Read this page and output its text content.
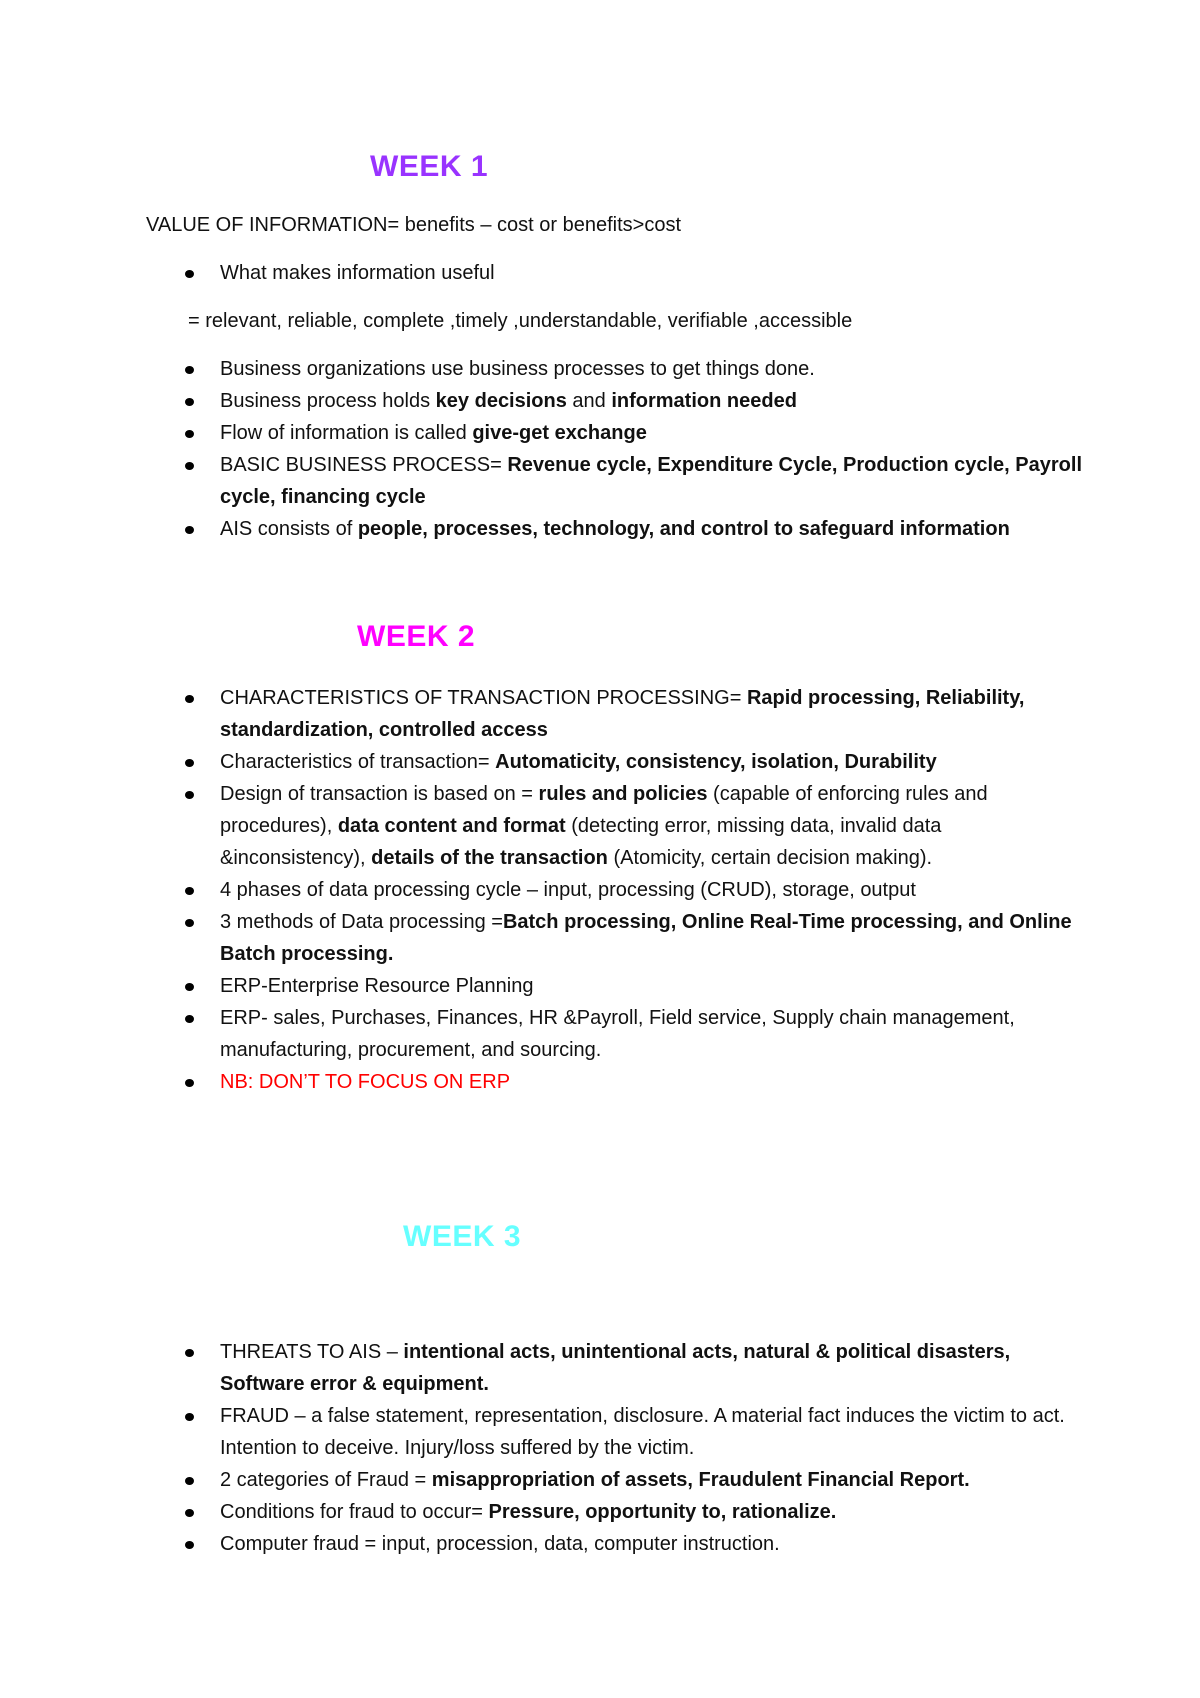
WEEK 1
VALUE OF INFORMATION= benefits – cost or benefits>cost
What makes information useful
= relevant, reliable, complete ,timely ,understandable, verifiable ,accessible
Business organizations use business processes to get things done.
Business process holds key decisions and information needed
Flow of information is called give-get exchange
BASIC BUSINESS PROCESS= Revenue cycle, Expenditure Cycle, Production cycle, Payroll cycle, financing cycle
AIS consists of people, processes, technology, and control to safeguard information
WEEK 2
CHARACTERISTICS OF TRANSACTION PROCESSING= Rapid processing, Reliability, standardization, controlled access
Characteristics of transaction= Automaticity, consistency, isolation, Durability
Design of transaction is based on = rules and policies (capable of enforcing rules and procedures), data content and format (detecting error, missing data, invalid data &inconsistency), details of the transaction (Atomicity, certain decision making).
4 phases of data processing cycle – input, processing (CRUD), storage, output
3 methods of Data processing =Batch processing, Online Real-Time processing, and Online Batch processing.
ERP-Enterprise Resource Planning
ERP- sales, Purchases, Finances, HR &Payroll, Field service, Supply chain management, manufacturing, procurement, and sourcing.
NB: DON’T TO FOCUS ON ERP
WEEK 3
THREATS TO AIS – intentional acts, unintentional acts, natural & political disasters, Software error & equipment.
FRAUD – a false statement, representation, disclosure. A material fact induces the victim to act. Intention to deceive. Injury/loss suffered by the victim.
2 categories of Fraud = misappropriation of assets, Fraudulent Financial Report.
Conditions for fraud to occur= Pressure, opportunity to, rationalize.
Computer fraud = input, procession, data, computer instruction.
